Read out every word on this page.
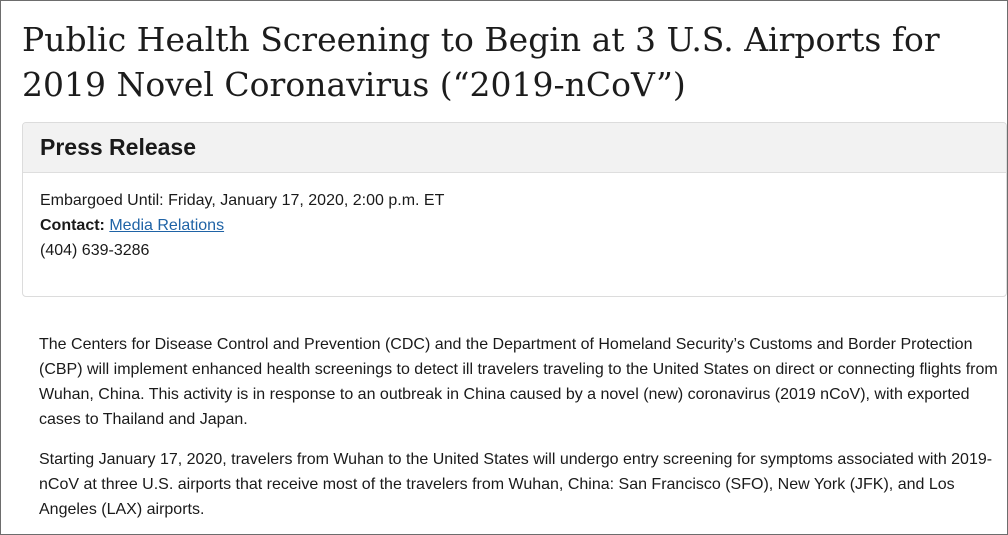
Public Health Screening to Begin at 3 U.S. Airports for 2019 Novel Coronavirus (“2019-nCoV”)
Press Release
Embargoed Until: Friday, January 17, 2020, 2:00 p.m. ET
Contact: Media Relations
(404) 639-3286

The Centers for Disease Control and Prevention (CDC) and the Department of Homeland Security’s Customs and Border Protection (CBP) will implement enhanced health screenings to detect ill travelers traveling to the United States on direct or connecting flights from Wuhan, China. This activity is in response to an outbreak in China caused by a novel (new) coronavirus (2019 nCoV), with exported cases to Thailand and Japan.

Starting January 17, 2020, travelers from Wuhan to the United States will undergo entry screening for symptoms associated with 2019-nCoV at three U.S. airports that receive most of the travelers from Wuhan, China: San Francisco (SFO), New York (JFK), and Los Angeles (LAX) airports.
